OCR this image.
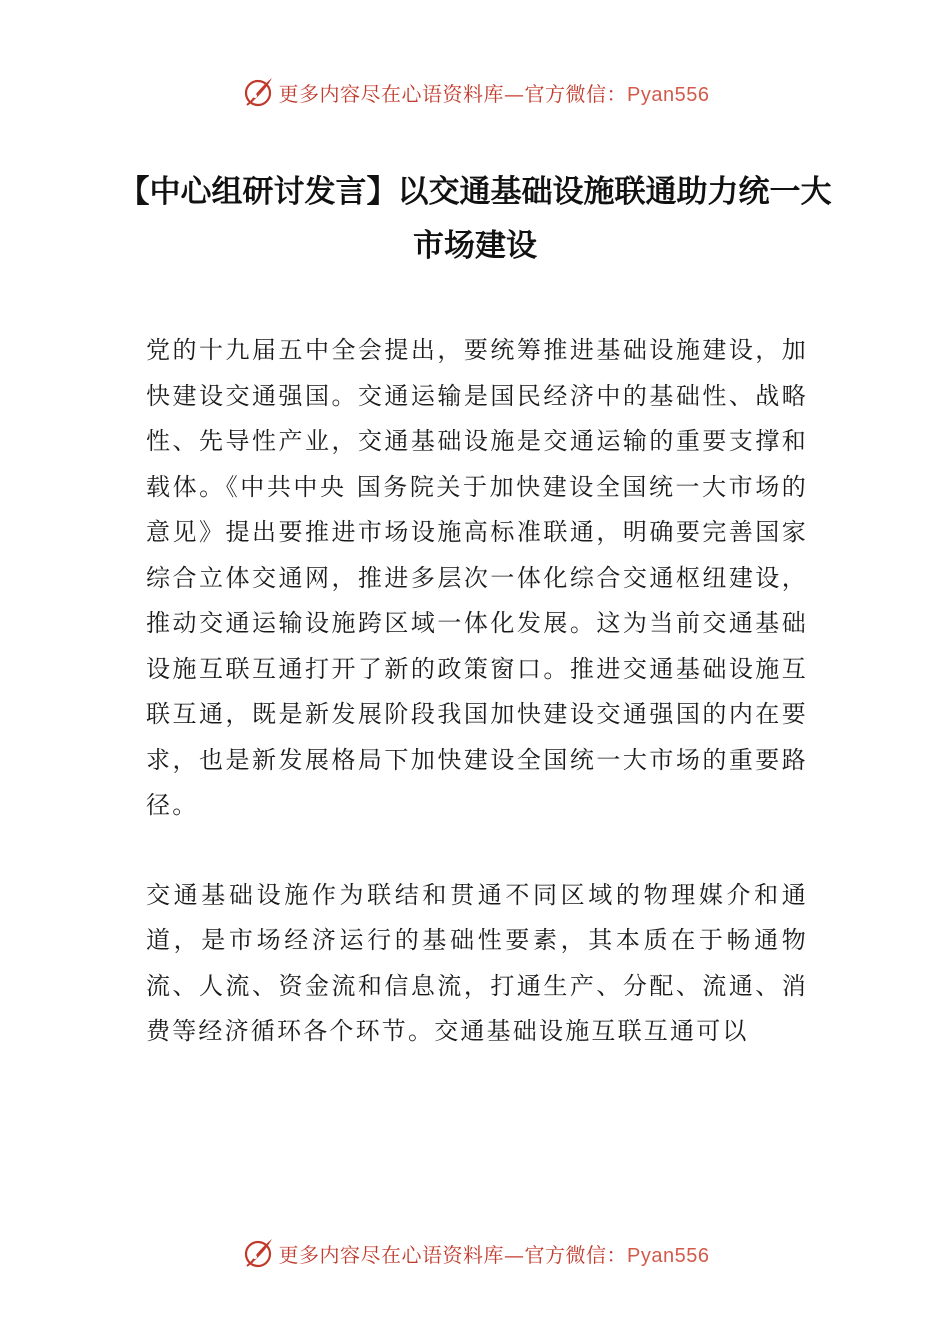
更多内容尽在心语资料库—官方微信：Pyan556
【中心组研讨发言】以交通基础设施联通助力统一大市场建设

党的十九届五中全会提出，要统筹推进基础设施建设，加快建设交通强国。交通运输是国民经济中的基础性、战略性、先导性产业，交通基础设施是交通运输的重要支撑和载体。《中共中央 国务院关于加快建设全国统一大市场的意见》提出要推进市场设施高标准联通，明确要完善国家综合立体交通网，推进多层次一体化综合交通枢纽建设，推动交通运输设施跨区域一体化发展。这为当前交通基础设施互联互通打开了新的政策窗口。推进交通基础设施互联互通，既是新发展阶段我国加快建设交通强国的内在要求，也是新发展格局下加快建设全国统一大市场的重要路径。

交通基础设施作为联结和贯通不同区域的物理媒介和通道，是市场经济运行的基础性要素，其本质在于畅通物流、人流、资金流和信息流，打通生产、分配、流通、消费等经济循环各个环节。交通基础设施互联互通可以

更多内容尽在心语资料库—官方微信：Pyan556
